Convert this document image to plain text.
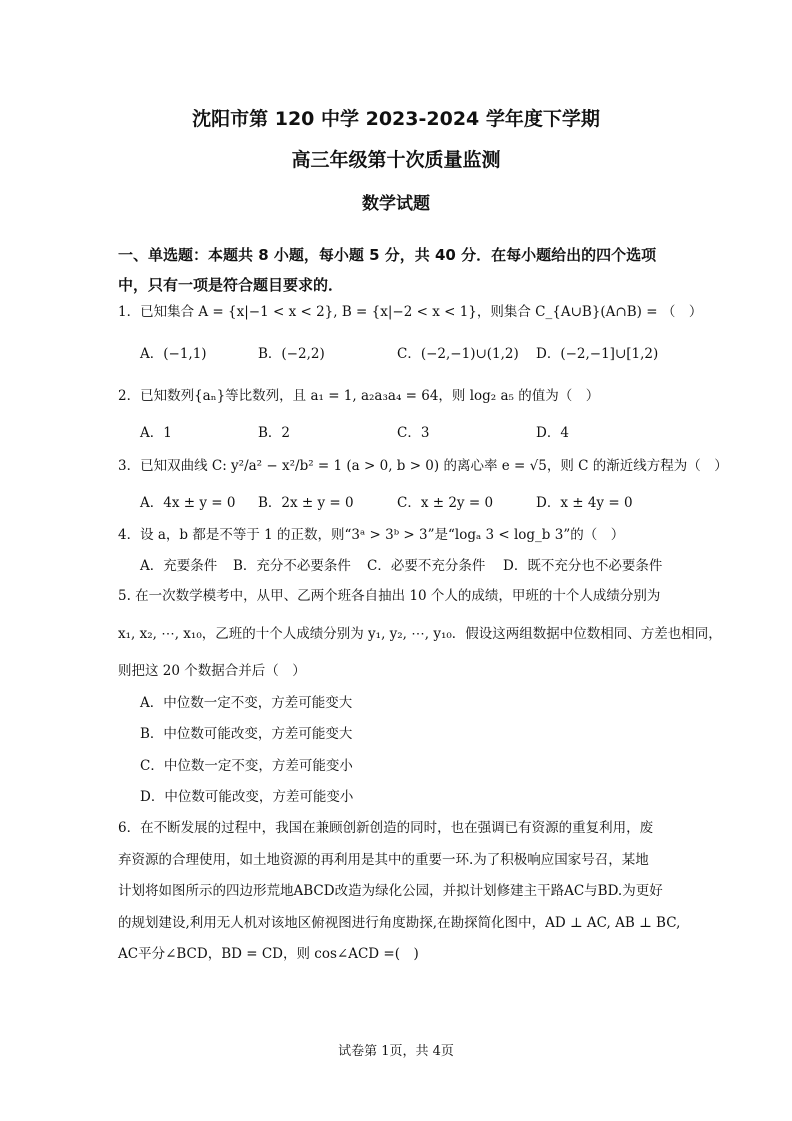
沈阳市第 120 中学 2023-2024 学年度下学期
高三年级第十次质量监测
数学试题
一、单选题：本题共 8 小题，每小题 5 分，共 40 分．在每小题给出的四个选项中，只有一项是符合题目要求的．
1．已知集合 A = {x|−1 < x < 2}, B = {x|−2 < x < 1}，则集合 C_{A∪B}(A∩B) = （　）
A．(−1,1)	B．(−2,2)	C．(−2,−1)∪(1,2) D．(−2,−1]∪[1,2)
2．已知数列{aₙ}等比数列，且 a₁ = 1, a₂a₃a₄ = 64，则 log₂ a₅ 的值为（　）
A．1	B．2	C．3	D．4
3．已知双曲线 C: y²/a² − x²/b² = 1 (a > 0, b > 0) 的离心率 e = √5，则 C 的渐近线方程为（　）
A．4x ± y = 0 B．2x ± y = 0	C．x ± 2y = 0	D．x ± 4y = 0
4．设 a，b 都是不等于 1 的正数，则“3ᵃ > 3ᵇ > 3”是“logₐ 3 < log_b 3”的（　）
A．充要条件 B．充分不必要条件 C．必要不充分条件 D．既不充分也不必要条件
5. 在一次数学模考中，从甲、乙两个班各自抽出 10 个人的成绩，甲班的十个人成绩分别为
x₁, x₂, ⋯, x₁₀，乙班的十个人成绩分别为 y₁, y₂, ⋯, y₁₀．假设这两组数据中位数相同、方差也相同，
则把这 20 个数据合并后（　）
A．中位数一定不变，方差可能变大
B．中位数可能改变，方差可能变大
C．中位数一定不变，方差可能变小
D．中位数可能改变，方差可能变小
6．在不断发展的过程中，我国在兼顾创新创造的同时，也在强调已有资源的重复利用，废
弃资源的合理使用，如土地资源的再利用是其中的重要一环.为了积极响应国家号召，某地
计划将如图所示的四边形荒地ABCD改造为绿化公园，并拟计划修建主干路AC与BD.为更好
的规划建设,利用无人机对该地区俯视图进行角度勘探,在勘探简化图中，AD ⊥ AC, AB ⊥ BC,
AC平分∠BCD，BD = CD，则 cos∠ACD =(　)
试卷第 1页，共 4页
